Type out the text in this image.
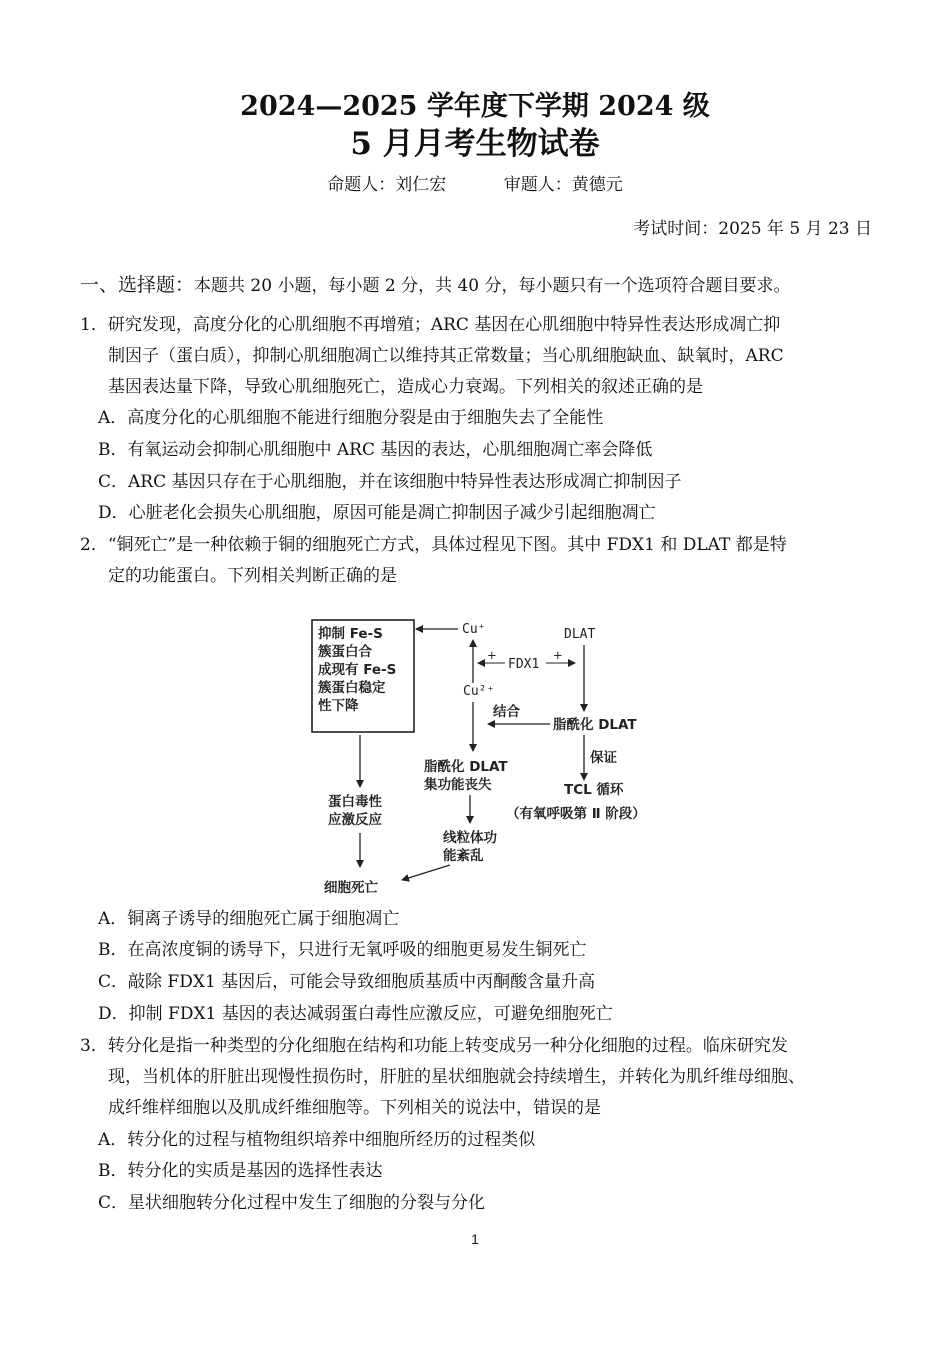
2024—2025 学年度下学期 2024 级
5 月月考生物试卷
命题人：刘仁宏	审题人：黄德元
考试时间：2025 年 5 月 23 日
一、选择题：本题共 20 小题，每小题 2 分，共 40 分，每小题只有一个选项符合题目要求。
1．研究发现，高度分化的心肌细胞不再增殖；ARC 基因在心肌细胞中特异性表达形成凋亡抑
制因子（蛋白质），抑制心肌细胞凋亡以维持其正常数量；当心肌细胞缺血、缺氧时，ARC
基因表达量下降，导致心肌细胞死亡，造成心力衰竭。下列相关的叙述正确的是
A．高度分化的心肌细胞不能进行细胞分裂是由于细胞失去了全能性
B．有氧运动会抑制心肌细胞中 ARC 基因的表达，心肌细胞凋亡率会降低
C．ARC 基因只存在于心肌细胞，并在该细胞中特异性表达形成凋亡抑制因子
D．心脏老化会损失心肌细胞，原因可能是凋亡抑制因子减少引起细胞凋亡
2．“铜死亡”是一种依赖于铜的细胞死亡方式，具体过程见下图。其中 FDX1 和 DLAT 都是特
定的功能蛋白。下列相关判断正确的是
抑制 Fe-S
簇蛋白合
成现有 Fe-S
簇蛋白稳定
性下降
Cu⁺
Cu²⁺
+
FDX1
+
DLAT
脂酰化 DLAT
结合
脂酰化 DLAT
集功能丧失
保证
TCL 循环
（有氧呼吸第 Ⅱ 阶段）
蛋白毒性
应激反应
线粒体功
能紊乱
细胞死亡
A．铜离子诱导的细胞死亡属于细胞凋亡
B．在高浓度铜的诱导下，只进行无氧呼吸的细胞更易发生铜死亡
C．敲除 FDX1 基因后，可能会导致细胞质基质中丙酮酸含量升高
D．抑制 FDX1 基因的表达减弱蛋白毒性应激反应，可避免细胞死亡
3．转分化是指一种类型的分化细胞在结构和功能上转变成另一种分化细胞的过程。临床研究发
现，当机体的肝脏出现慢性损伤时，肝脏的星状细胞就会持续增生，并转化为肌纤维母细胞、
成纤维样细胞以及肌成纤维细胞等。下列相关的说法中，错误的是
A．转分化的过程与植物组织培养中细胞所经历的过程类似
B．转分化的实质是基因的选择性表达
C．星状细胞转分化过程中发生了细胞的分裂与分化
1
